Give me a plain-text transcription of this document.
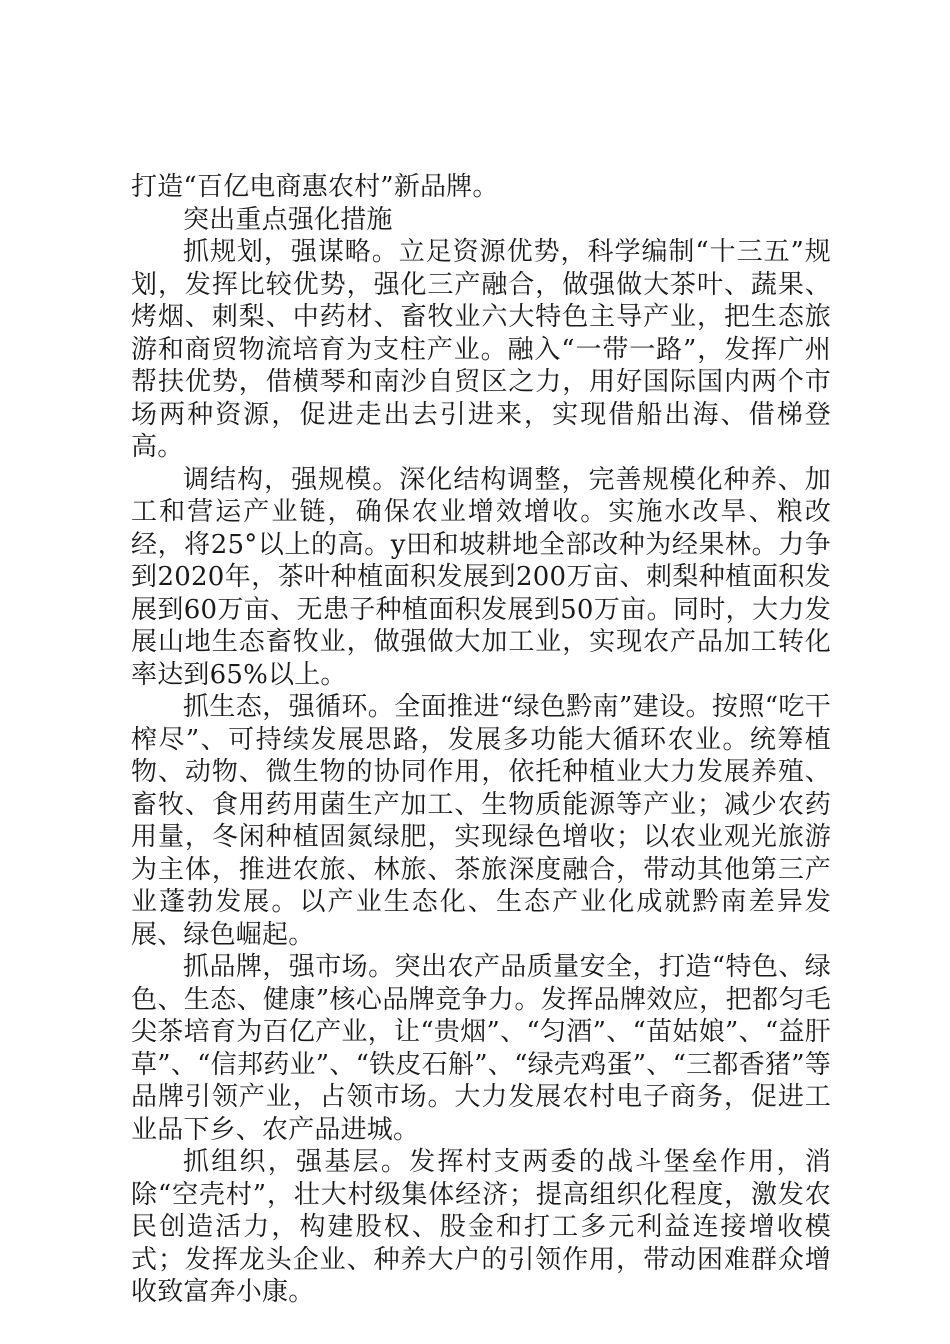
打造“百亿电商惠农村”新品牌。

突出重点强化措施

抓规划，强谋略。立足资源优势，科学编制“十三五”规划，发挥比较优势，强化三产融合，做强做大茶叶、蔬果、烤烟、刺梨、中药材、畜牧业六大特色主导产业，把生态旅游和商贸物流培育为支柱产业。融入“一带一路”，发挥广州帮扶优势，借横琴和南沙自贸区之力，用好国际国内两个市场两种资源，促进走出去引进来，实现借船出海、借梯登高。

调结构，强规模。深化结构调整，完善规模化种养、加工和营运产业链，确保农业增效增收。实施水改旱、粮改经，将25°以上的高。y田和坡耕地全部改种为经果林。力争到2020年，茶叶种植面积发展到200万亩、刺梨种植面积发展到60万亩、无患子种植面积发展到50万亩。同时，大力发展山地生态畜牧业，做强做大加工业，实现农产品加工转化率达到65%以上。

抓生态，强循环。全面推进“绿色黔南”建设。按照“吃干榨尽”、可持续发展思路，发展多功能大循环农业。统筹植物、动物、微生物的协同作用，依托种植业大力发展养殖、畜牧、食用药用菌生产加工、生物质能源等产业；减少农药用量，冬闲种植固氮绿肥，实现绿色增收；以农业观光旅游为主体，推进农旅、林旅、茶旅深度融合，带动其他第三产业蓬勃发展。以产业生态化、生态产业化成就黔南差异发展、绿色崛起。

抓品牌，强市场。突出农产品质量安全，打造“特色、绿色、生态、健康”核心品牌竞争力。发挥品牌效应，把都匀毛尖茶培育为百亿产业，让“贵烟”、“匀酒”、“苗姑娘”、“益肝草”、“信邦药业”、“铁皮石斛”、“绿壳鸡蛋”、“三都香猪”等品牌引领产业，占领市场。大力发展农村电子商务，促进工业品下乡、农产品进城。

抓组织，强基层。发挥村支两委的战斗堡垒作用，消除“空壳村”，壮大村级集体经济；提高组织化程度，激发农民创造活力，构建股权、股金和打工多元利益连接增收模式；发挥龙头企业、种养大户的引领作用，带动困难群众增收致富奔小康。
